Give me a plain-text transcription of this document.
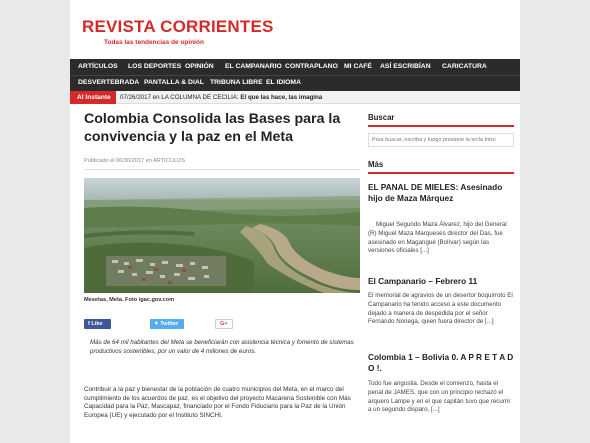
REVISTA CORRIENTES
Todas las tendencias de opinión
ARTÍCULOS LOS DEPORTES OPINIÓN EL CAMPANARIO CONTRAPLANO MI CAFÉ ASÍ ESCRIBÍAN CARICATURA
DESVERTEBRADA PANTALLA & DIAL TRIBUNA LIBRE EL IDIOMA
Al Instante	07/26/2017 en LA COLUMNA DE CECILIA: El que las hace, las imagina
Colombia Consolida las Bases para la convivencia y la paz en el Meta
Publicado el 06/30/2017 en ARTÍCULOS
Mesetas, Meta. Foto igac.gov.com
f Like 1
✦ Twitter	G+

Más de 64 mil habitantes del Meta se beneficiarán con asistencia técnica y fomento de sistemas productivos sostenibles, por un valor de 4 millones de euros.

Contribuir a la paz y bienestar de la población de cuatro municipios del Meta, en el marco del cumplimiento de los acuerdos de paz, es el objetivo del proyecto Macarena Sostenible con Más Capacidad para la Paz, Mascapaz, financiado por el Fondo Fiduciario para la Paz de la Unión Europea (UE) y ejecutado por el Instituto SINCHI.

Buscar
Para buscar, escriba y luego presione la tecla Intro
Más
EL PANAL DE MIELES: Asesinado hijo de Maza Márquez
Miguel Segundo Maza Álvarez, hijo del General (R) Miguel Maza Marqueses director del Das, fue asesinado en Magangué (Bolívar) según las versiones oficiales [...]
El Campanario – Febrero 11
El memorial de agravios de un desertor boquirroto El Campanario ha tenido acceso a este documento dejado a manera de despedida por el señor Fernando Noriega, quien fuera director de [...]
Colombia 1 – Bolivia 0. A P R E T A D O !.
Todo fue angustia. Desde el comienzo, hasta el penal de JAMES, que con un principio rechazó el arquero Lampe y en el que capitán tuvo que recurrir a un segundo disparo, [...]
